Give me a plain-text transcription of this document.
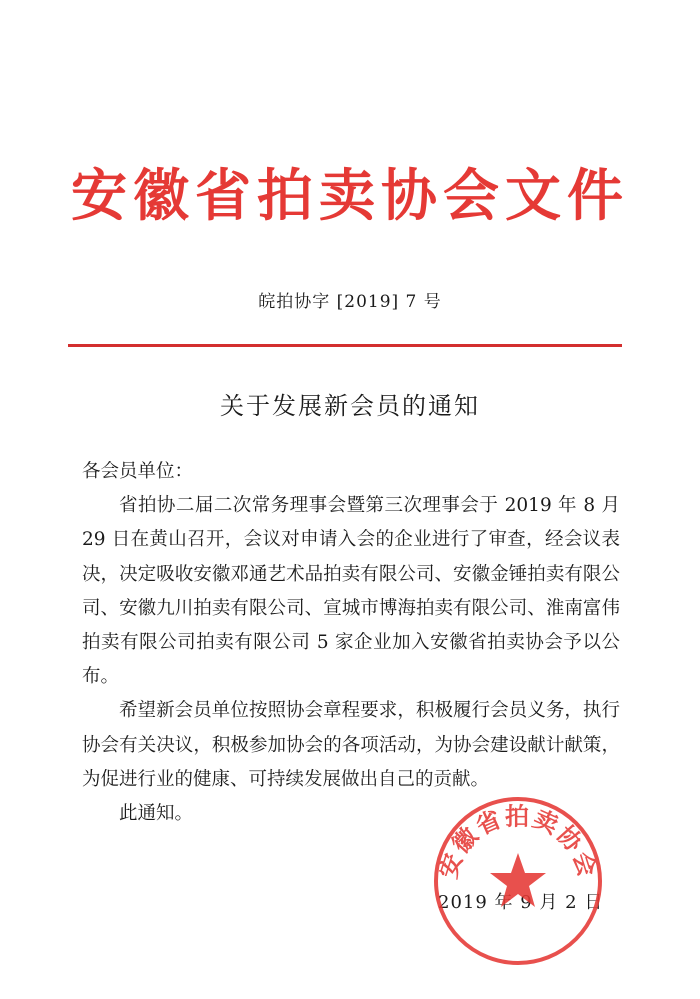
安徽省拍卖协会文件
皖拍协字 [2019] 7 号
关于发展新会员的通知

各会员单位：

省拍协二届二次常务理事会暨第三次理事会于 2019 年 8 月 29 日在黄山召开，会议对申请入会的企业进行了审查，经会议表决，决定吸收安徽邓通艺术品拍卖有限公司、安徽金锤拍卖有限公司、安徽九川拍卖有限公司、宣城市博海拍卖有限公司、淮南富伟拍卖有限公司拍卖有限公司 5 家企业加入安徽省拍卖协会予以公布。

希望新会员单位按照协会章程要求，积极履行会员义务，执行协会有关决议，积极参加协会的各项活动，为协会建设献计献策，为促进行业的健康、可持续发展做出自己的贡献。

此通知。

2019 年 9 月 2 日
安徽省拍卖协会
